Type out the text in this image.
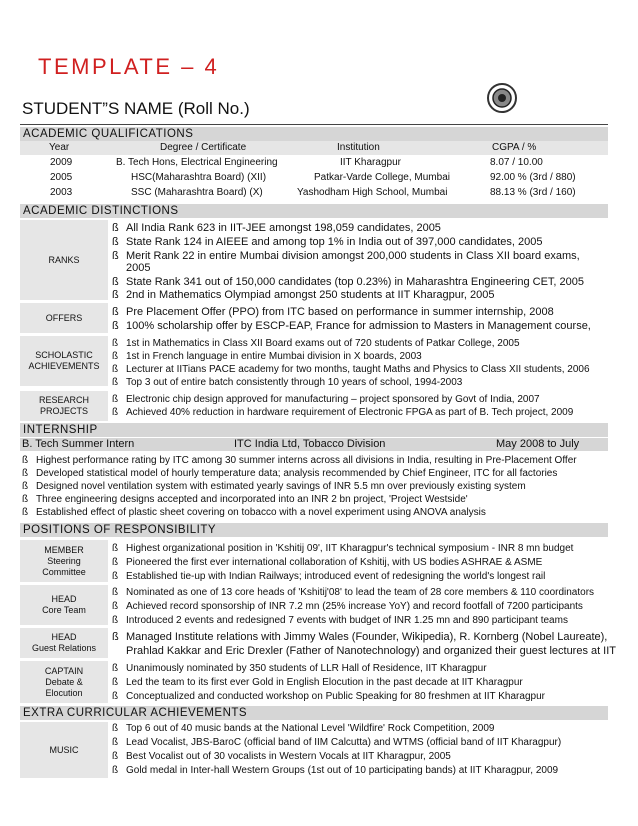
TEMPLATE – 4
STUDENT”S NAME (Roll No.)
ACADEMIC QUALIFICATIONS
Year	Degree / Certificate	Institution	CGPA / %
2009	B. Tech Hons, Electrical Engineering	IIT Kharagpur	8.07 / 10.00
2005	HSC(Maharashtra Board) (XII)	Patkar-Varde College, Mumbai	92.00 % (3rd / 880)
2003	SSC (Maharashtra Board) (X)	Yashodham High School, Mumbai	88.13 % (3rd / 160)
ACADEMIC DISTINCTIONS
RANKS
ß All India Rank 623 in IIT-JEE amongst 198,059 candidates, 2005
ß State Rank 124 in AIEEE and among top 1% in India out of 397,000 candidates, 2005
ß Merit Rank 22 in entire Mumbai division amongst 200,000 students in Class XII board exams,
2005
ß State Rank 341 out of 150,000 candidates (top 0.23%) in Maharashtra Engineering CET, 2005
ß 2nd in Mathematics Olympiad amongst 250 students at IIT Kharagpur, 2005
OFFERS	ß Pre Placement Offer (PPO) from ITC based on performance in summer internship, 2008
ß 100% scholarship offer by ESCP-EAP, France for admission to Masters in Management course,
SCHOLASTIC
ACHIEVEMENTS
ß 1st in Mathematics in Class XII Board exams out of 720 students of Patkar College, 2005
ß 1st in French language in entire Mumbai division in X boards, 2003
ß Lecturer at IITians PACE academy for two months, taught Maths and Physics to Class XII students, 2006
ß Top 3 out of entire batch consistently through 10 years of school, 1994-2003
RESEARCH
PROJECTS
ß Electronic chip design approved for manufacturing – project sponsored by Govt of India, 2007
ß Achieved 40% reduction in hardware requirement of Electronic FPGA as part of B. Tech project, 2009
INTERNSHIP
B. Tech Summer Intern	ITC India Ltd, Tobacco Division	May 2008 to July
ß Highest performance rating by ITC among 30 summer interns across all divisions in India, resulting in Pre-Placement Offer
ß Developed statistical model of hourly temperature data; analysis recommended by Chief Engineer, ITC for all factories
ß Designed novel ventilation system with estimated yearly savings of INR 5.5 mn over previously existing system
ß Three engineering designs accepted and incorporated into an INR 2 bn project, 'Project Westside'
ß Established effect of plastic sheet covering on tobacco with a novel experiment using ANOVA analysis
POSITIONS OF RESPONSIBILITY
MEMBER
Steering
Committee
ß Highest organizational position in 'Kshitij 09', IIT Kharagpur's technical symposium - INR 8 mn budget
ß Pioneered the first ever international collaboration of Kshitij, with US bodies ASHRAE & ASME
ß Established tie-up with Indian Railways; introduced event of redesigning the world's longest rail
HEAD
Core Team
ß Nominated as one of 13 core heads of 'Kshitij'08' to lead the team of 28 core members & 110 coordinators
ß Achieved record sponsorship of INR 7.2 mn (25% increase YoY) and record footfall of 7200 participants
ß Introduced 2 events and redesigned 7 events with budget of INR 1.25 mn and 890 participant teams
HEAD
Guest Relations
ß Managed Institute relations with Jimmy Wales (Founder, Wikipedia), R. Kornberg (Nobel Laureate),
Prahlad Kakkar and Eric Drexler (Father of Nanotechnology) and organized their guest lectures at IIT
CAPTAIN
Debate &
Elocution
ß Unanimously nominated by 350 students of LLR Hall of Residence, IIT Kharagpur
ß Led the team to its first ever Gold in English Elocution in the past decade at IIT Kharagpur
ß Conceptualized and conducted workshop on Public Speaking for 80 freshmen at IIT Kharagpur
EXTRA CURRICULAR ACHIEVEMENTS
MUSIC
ß Top 6 out of 40 music bands at the National Level 'Wildfire' Rock Competition, 2009
ß Lead Vocalist, JBS-BaroC (official band of IIM Calcutta) and WTMS (official band of IIT Kharagpur)
ß Best Vocalist out of 30 vocalists in Western Vocals at IIT Kharagpur, 2005
ß Gold medal in Inter-hall Western Groups (1st out of 10 participating bands) at IIT Kharagpur, 2009
